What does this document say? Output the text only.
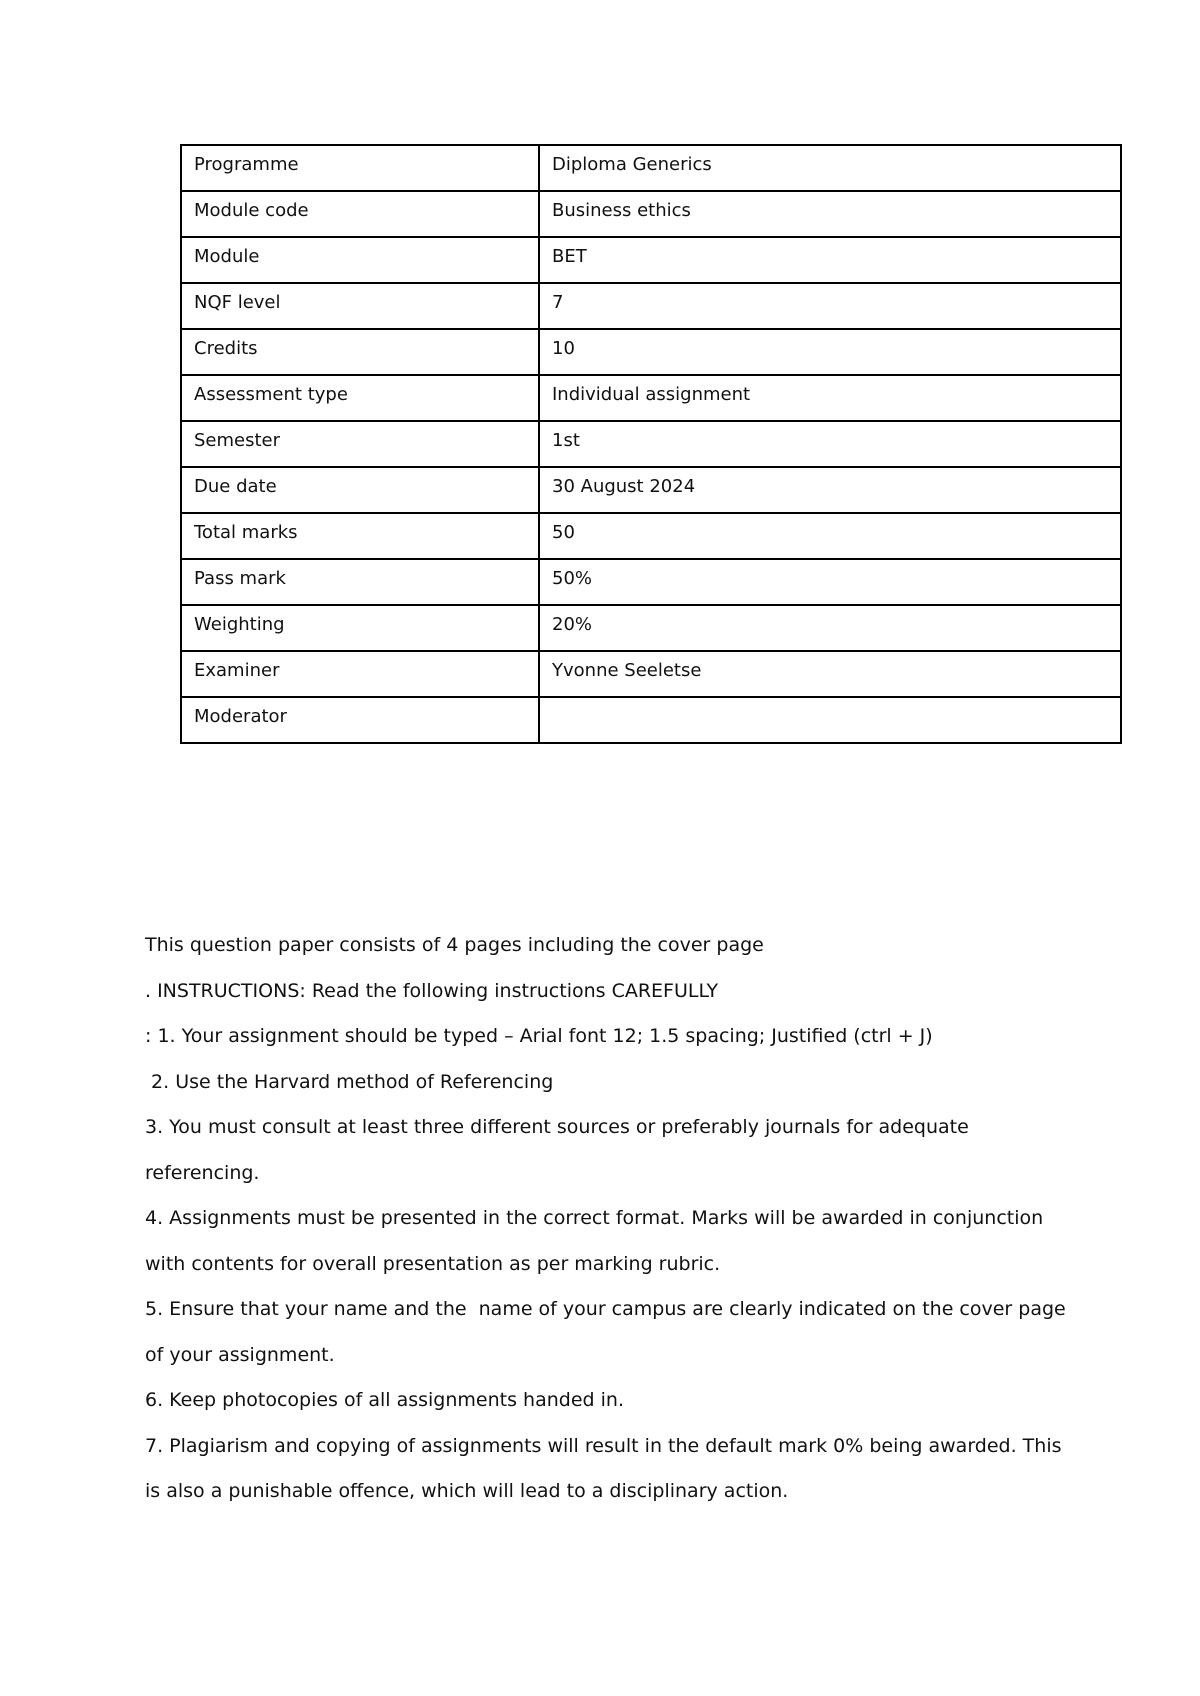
Programme	Diploma Generics
Module code	Business ethics
Module	BET
NQF level	7
Credits	10
Assessment type	Individual assignment
Semester	1st
Due date	30 August 2024
Total marks	50
Pass mark	50%
Weighting	20%
Examiner	Yvonne Seeletse
Moderator	
This question paper consists of 4 pages including the cover page
. INSTRUCTIONS: Read the following instructions CAREFULLY
: 1. Your assignment should be typed – Arial font 12; 1.5 spacing; Justified (ctrl + J)
2. Use the Harvard method of Referencing
3. You must consult at least three different sources or preferably journals for adequate
referencing.
4. Assignments must be presented in the correct format. Marks will be awarded in conjunction
with contents for overall presentation as per marking rubric.
5. Ensure that your name and the  name of your campus are clearly indicated on the cover page
of your assignment.
6. Keep photocopies of all assignments handed in.
7. Plagiarism and copying of assignments will result in the default mark 0% being awarded. This
is also a punishable offence, which will lead to a disciplinary action.
